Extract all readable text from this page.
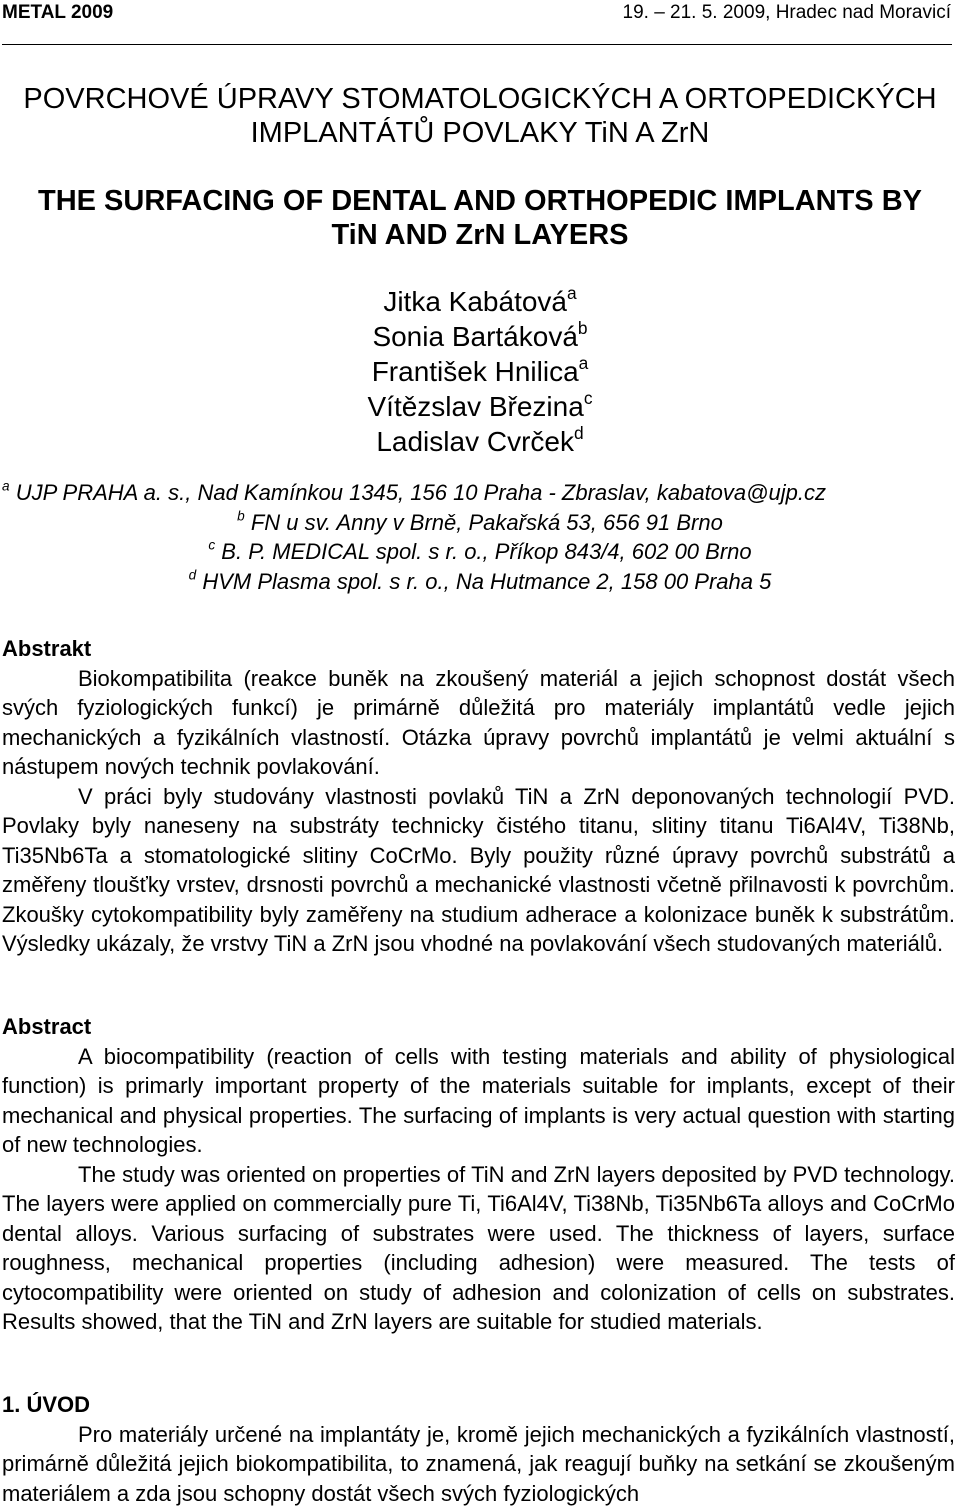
METAL 2009	19. – 21. 5. 2009, Hradec nad Moravicí
POVRCHOVÉ ÚPRAVY STOMATOLOGICKÝCH A ORTOPEDICKÝCH
IMPLANTÁTŮ POVLAKY TiN A ZrN
THE SURFACING OF DENTAL AND ORTHOPEDIC IMPLANTS BY
TiN AND ZrN LAYERS
Jitka Kabátová$^a$
Sonia Bartáková$^b$
František Hnilica$^a$
Vítězslav Březina$^c$
Ladislav Cvrček$^d$
$^a$ UJP PRAHA a. s., Nad Kamínkou 1345, 156 10 Praha - Zbraslav, kabatova@ujp.cz
$^b$ FN u sv. Anny v Brně, Pakařská 53, 656 91 Brno
$^c$ B. P. MEDICAL spol. s r. o., Příkop 843/4, 602 00 Brno
$^d$ HVM Plasma spol. s r. o., Na Hutmance 2, 158 00 Praha 5
Abstrakt

Biokompatibilita (reakce buněk na zkoušený materiál a jejich schopnost dostát všech svých fyziologických funkcí) je primárně důležitá pro materiály implantátů vedle jejich mechanických a fyzikálních vlastností. Otázka úpravy povrchů implantátů je velmi aktuální s nástupem nových technik povlakování.

V práci byly studovány vlastnosti povlaků TiN a ZrN deponovaných technologií PVD. Povlaky byly naneseny na substráty technicky čistého titanu, slitiny titanu Ti6Al4V, Ti38Nb, Ti35Nb6Ta a stomatologické slitiny CoCrMo. Byly použity různé úpravy povrchů substrátů a změřeny tloušťky vrstev, drsnosti povrchů a mechanické vlastnosti včetně přilnavosti k povrchům. Zkoušky cytokompatibility byly zaměřeny na studium adherace a kolonizace buněk k substrátům. Výsledky ukázaly, že vrstvy TiN a ZrN jsou vhodné na povlakování všech studovaných materiálů.

Abstract

A biocompatibility (reaction of cells with testing materials and ability of physiological function) is primarly important property of the materials suitable for implants, except of their mechanical and physical properties. The surfacing of implants is very actual question with starting of new technologies.

The study was oriented on properties of TiN and ZrN layers deposited by PVD technology. The layers were applied on commercially pure Ti, Ti6Al4V, Ti38Nb, Ti35Nb6Ta alloys and CoCrMo dental alloys. Various surfacing of substrates were used. The thickness of layers, surface roughness, mechanical properties (including adhesion) were measured. The tests of cytocompatibility were oriented on study of adhesion and colonization of cells on substrates. Results showed, that the TiN and ZrN layers are suitable for studied materials.

1. ÚVOD

Pro materiály určené na implantáty je, kromě jejich mechanických a fyzikálních vlastností, primárně důležitá jejich biokompatibilita, to znamená, jak reagují buňky na setkání se zkoušeným materiálem a zda jsou schopny dostát všech svých fyziologických
